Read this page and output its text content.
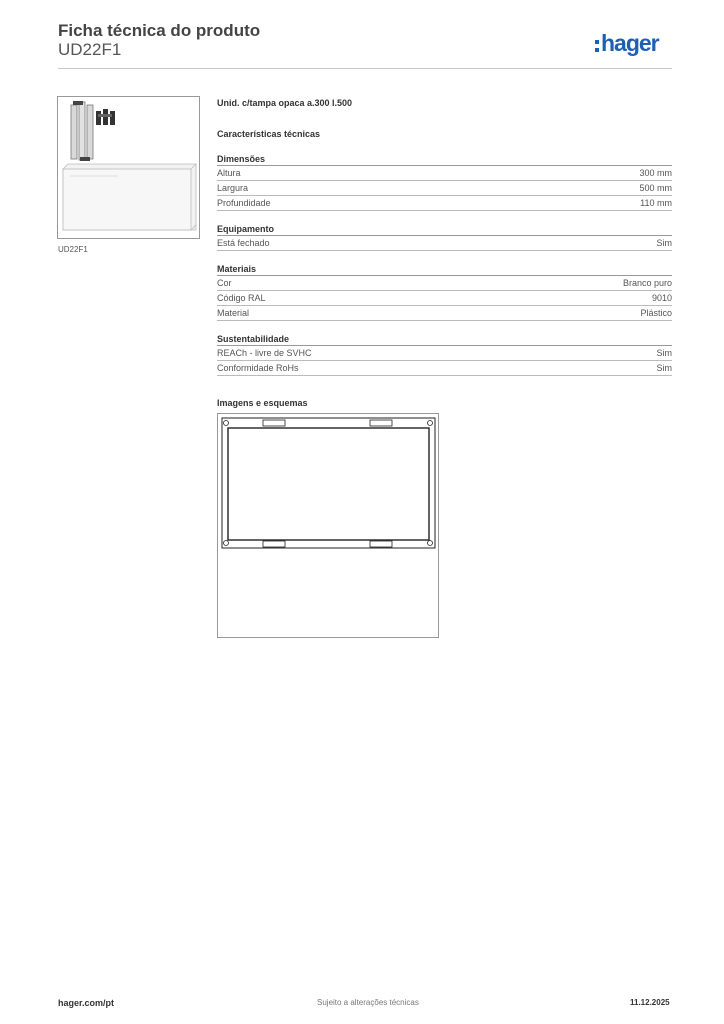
Ficha técnica do produto
UD22F1	hager
UD22F1
Unid. c/tampa opaca a.300 l.500
Características técnicas
Dimensões
Altura	300 mm
Largura	500 mm
Profundidade	110 mm
Equipamento
Está fechado	Sim
Materiais
Cor	Branco puro
Código RAL	9010
Material	Plástico
Sustentabilidade
REACh - livre de SVHC	Sim
Conformidade RoHs	Sim
Imagens e esquemas
hager.com/pt	Sujeito a alterações técnicas	11.12.2025
